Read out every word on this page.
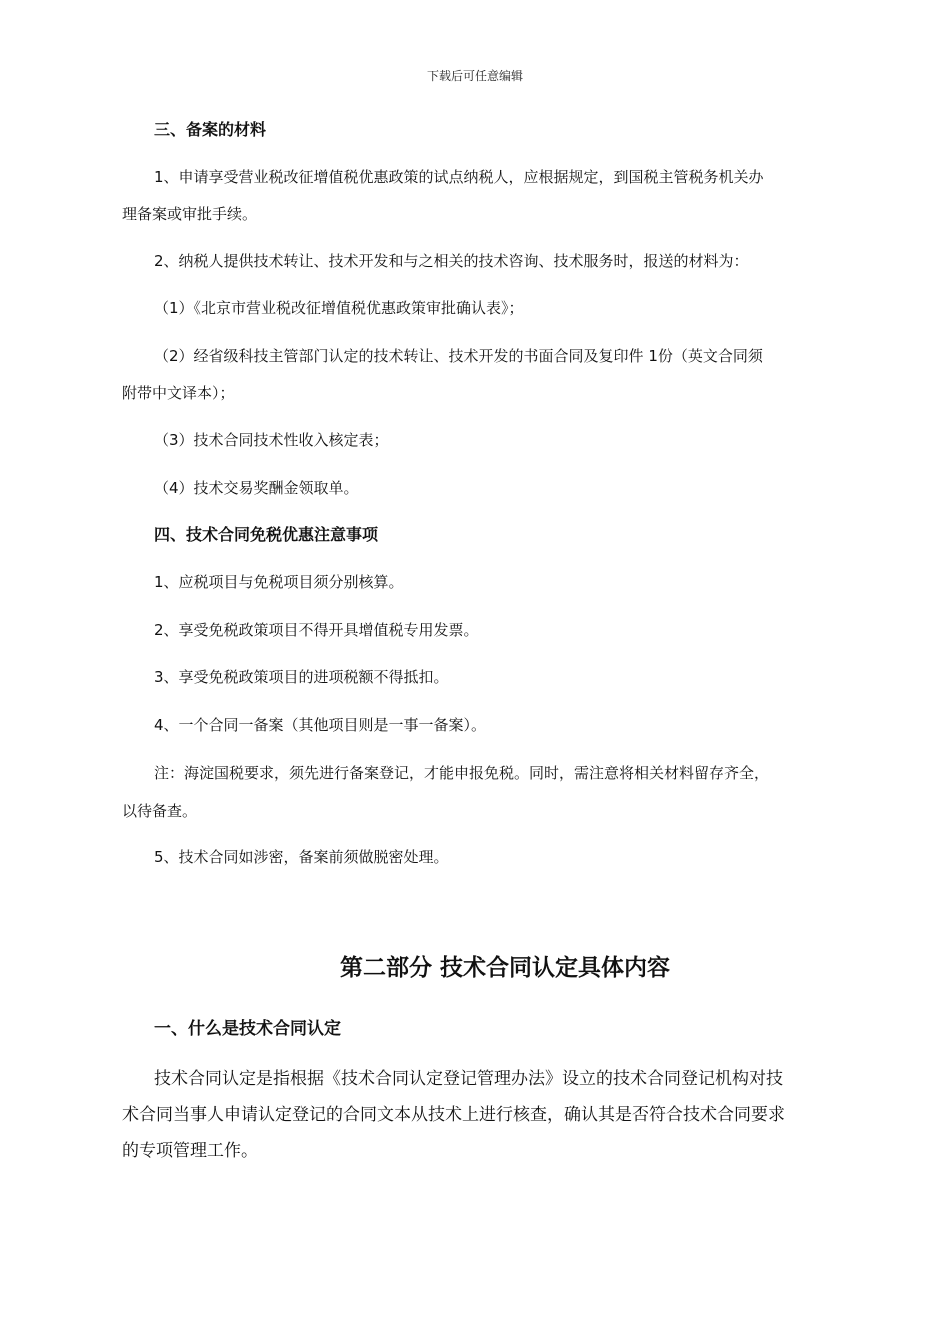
下载后可任意编辑
三、备案的材料
1、申请享受营业税改征增值税优惠政策的试点纳税人，应根据规定，到国税主管税务机关办
理备案或审批手续。
2、纳税人提供技术转让、技术开发和与之相关的技术咨询、技术服务时，报送的材料为：
（1）《北京市营业税改征增值税优惠政策审批确认表》；
（2）经省级科技主管部门认定的技术转让、技术开发的书面合同及复印件 1份（英文合同须
附带中文译本）；
（3）技术合同技术性收入核定表；
（4）技术交易奖酬金领取单。
四、技术合同免税优惠注意事项
1、应税项目与免税项目须分别核算。
2、享受免税政策项目不得开具增值税专用发票。
3、享受免税政策项目的进项税额不得抵扣。
4、一个合同一备案（其他项目则是一事一备案）。
注：海淀国税要求，须先进行备案登记，才能申报免税。同时，需注意将相关材料留存齐全，
以待备查。
5、技术合同如涉密，备案前须做脱密处理。
第二部分 技术合同认定具体内容
一、什么是技术合同认定
技术合同认定是指根据《技术合同认定登记管理办法》设立的技术合同登记机构对技
术合同当事人申请认定登记的合同文本从技术上进行核查，确认其是否符合技术合同要求
的专项管理工作。
